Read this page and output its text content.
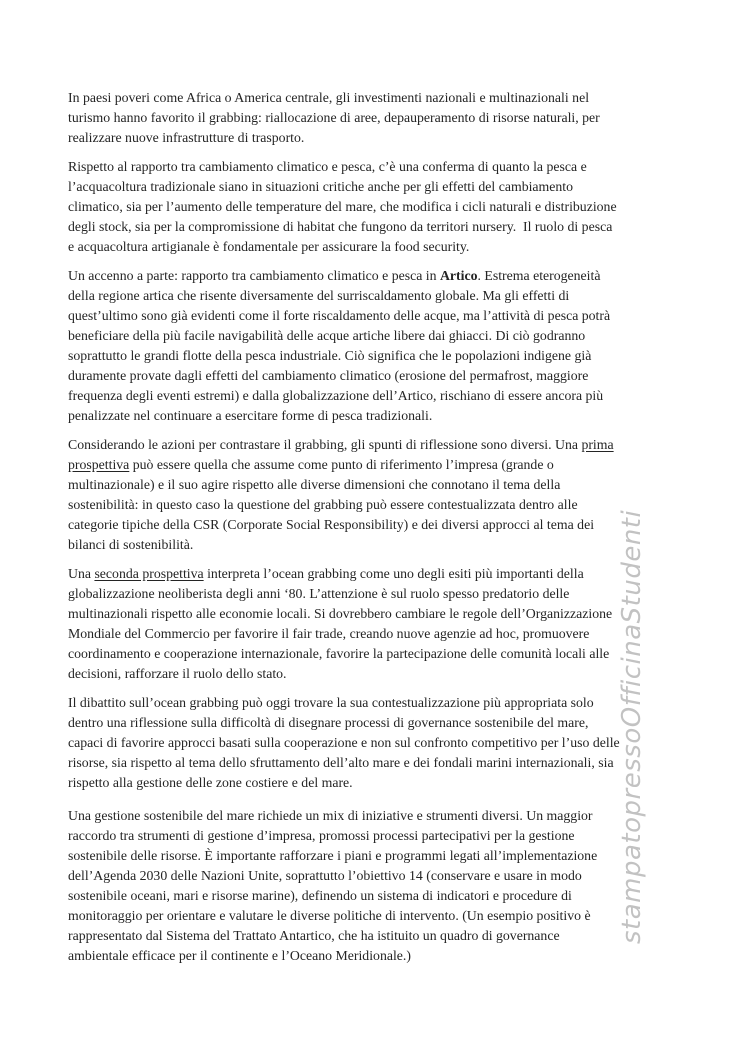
In paesi poveri come Africa o America centrale, gli investimenti nazionali e multinazionali nel
turismo hanno favorito il grabbing: riallocazione di aree, depauperamento di risorse naturali, per
realizzare nuove infrastrutture di trasporto.

Rispetto al rapporto tra cambiamento climatico e pesca, c’è una conferma di quanto la pesca e
l’acquacoltura tradizionale siano in situazioni critiche anche per gli effetti del cambiamento
climatico, sia per l’aumento delle temperature del mare, che modifica i cicli naturali e distribuzione
degli stock, sia per la compromissione di habitat che fungono da territori nursery.  Il ruolo di pesca
e acquacoltura artigianale è fondamentale per assicurare la food security.

Un accenno a parte: rapporto tra cambiamento climatico e pesca in Artico. Estrema eterogeneità
della regione artica che risente diversamente del surriscaldamento globale. Ma gli effetti di
quest’ultimo sono già evidenti come il forte riscaldamento delle acque, ma l’attività di pesca potrà
beneficiare della più facile navigabilità delle acque artiche libere dai ghiacci. Di ciò godranno
soprattutto le grandi flotte della pesca industriale. Ciò significa che le popolazioni indigene già
duramente provate dagli effetti del cambiamento climatico (erosione del permafrost, maggiore
frequenza degli eventi estremi) e dalla globalizzazione dell’Artico, rischiano di essere ancora più
penalizzate nel continuare a esercitare forme di pesca tradizionali.

Considerando le azioni per contrastare il grabbing, gli spunti di riflessione sono diversi. Una prima
prospettiva può essere quella che assume come punto di riferimento l’impresa (grande o
multinazionale) e il suo agire rispetto alle diverse dimensioni che connotano il tema della
sostenibilità: in questo caso la questione del grabbing può essere contestualizzata dentro alle
categorie tipiche della CSR (Corporate Social Responsibility) e dei diversi approcci al tema dei
bilanci di sostenibilità.

Una seconda prospettiva interpreta l’ocean grabbing come uno degli esiti più importanti della
globalizzazione neoliberista degli anni ‘80. L’attenzione è sul ruolo spesso predatorio delle
multinazionali rispetto alle economie locali. Si dovrebbero cambiare le regole dell’Organizzazione
Mondiale del Commercio per favorire il fair trade, creando nuove agenzie ad hoc, promuovere
coordinamento e cooperazione internazionale, favorire la partecipazione delle comunità locali alle
decisioni, rafforzare il ruolo dello stato.

Il dibattito sull’ocean grabbing può oggi trovare la sua contestualizzazione più appropriata solo
dentro una riflessione sulla difficoltà di disegnare processi di governance sostenibile del mare,
capaci di favorire approcci basati sulla cooperazione e non sul confronto competitivo per l’uso delle
risorse, sia rispetto al tema dello sfruttamento dell’alto mare e dei fondali marini internazionali, sia
rispetto alla gestione delle zone costiere e del mare.

Una gestione sostenibile del mare richiede un mix di iniziative e strumenti diversi. Un maggior
raccordo tra strumenti di gestione d’impresa, promossi processi partecipativi per la gestione
sostenibile delle risorse. È importante rafforzare i piani e programmi legati all’implementazione
dell’Agenda 2030 delle Nazioni Unite, soprattutto l’obiettivo 14 (conservare e usare in modo
sostenibile oceani, mari e risorse marine), definendo un sistema di indicatori e procedure di
monitoraggio per orientare e valutare le diverse politiche di intervento. (Un esempio positivo è
rappresentato dal Sistema del Trattato Antartico, che ha istituito un quadro di governance
ambientale efficace per il continente e l’Oceano Meridionale.)

stampatopressoOfficinaStudenti
